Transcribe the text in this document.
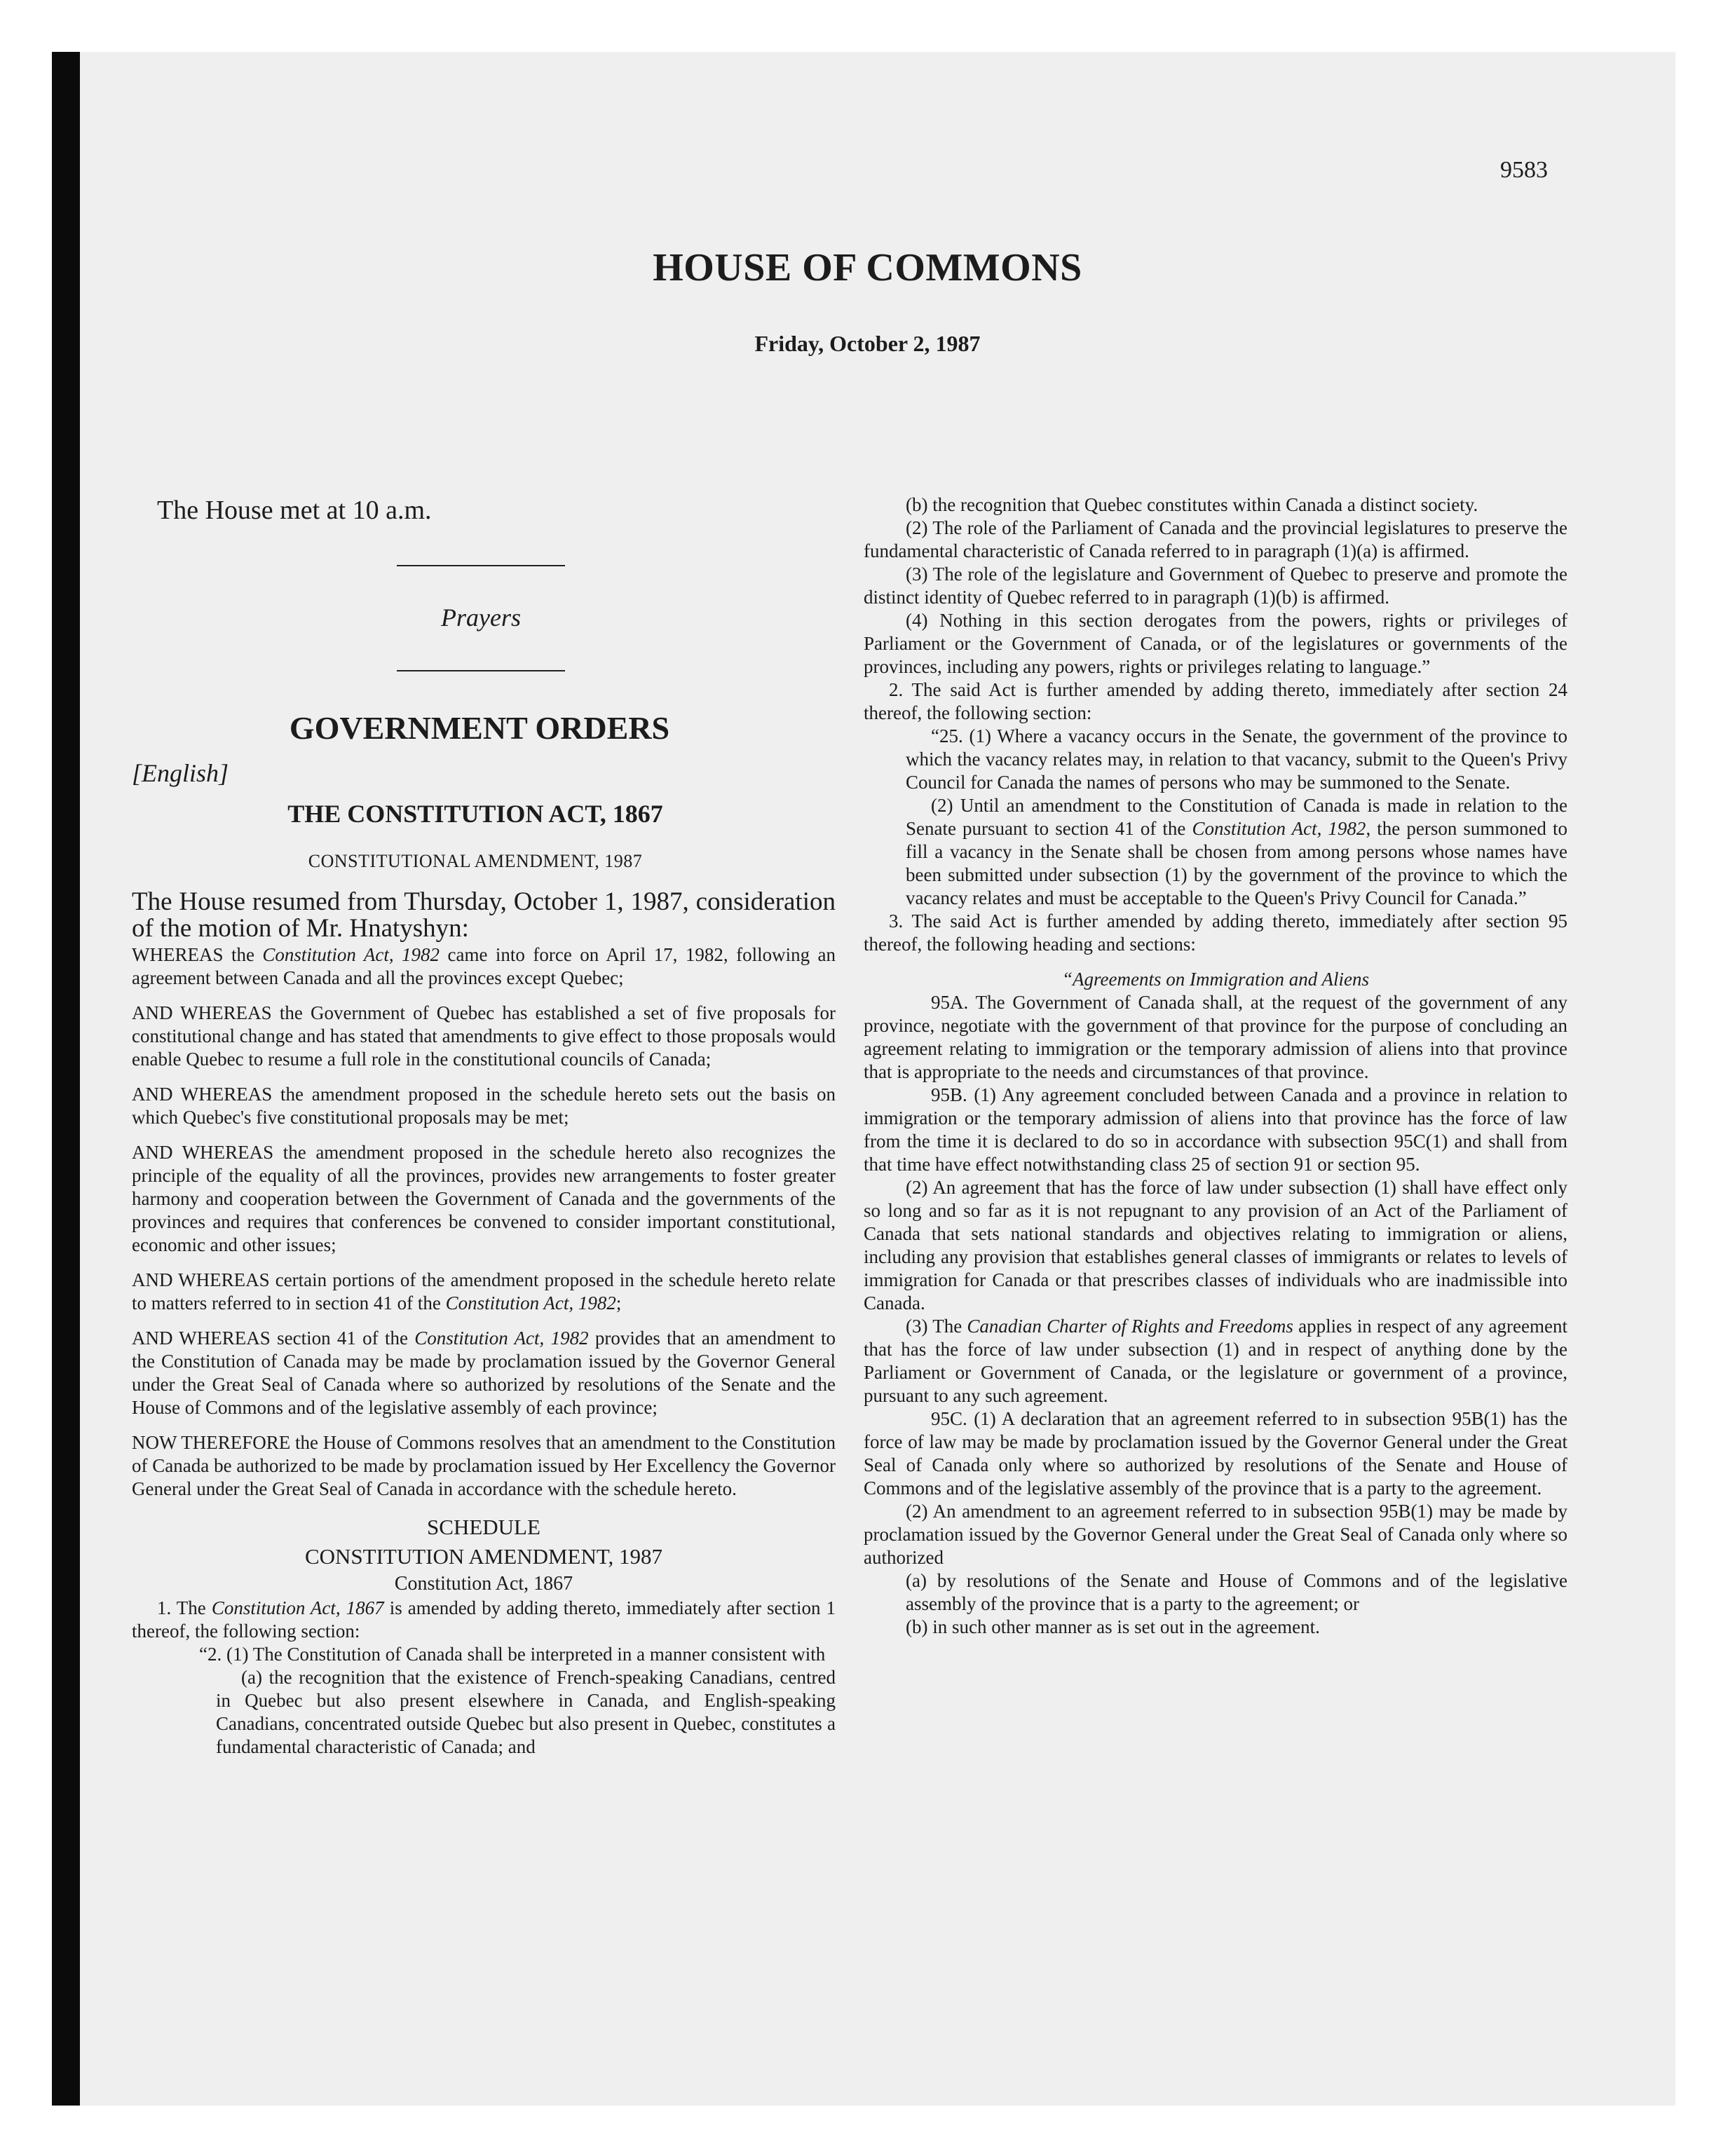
9583
HOUSE OF COMMONS
Friday, October 2, 1987
The House met at 10 a.m.
Prayers
GOVERNMENT ORDERS
[English]
THE CONSTITUTION ACT, 1867
CONSTITUTIONAL AMENDMENT, 1987
The House resumed from Thursday, October 1, 1987, consideration of the motion of Mr. Hnatyshyn:

WHEREAS the Constitution Act, 1982 came into force on April 17, 1982, following an agreement between Canada and all the provinces except Quebec;

AND WHEREAS the Government of Quebec has established a set of five proposals for constitutional change and has stated that amendments to give effect to those proposals would enable Quebec to resume a full role in the constitutional councils of Canada;

AND WHEREAS the amendment proposed in the schedule hereto sets out the basis on which Quebec's five constitutional proposals may be met;

AND WHEREAS the amendment proposed in the schedule hereto also recognizes the principle of the equality of all the provinces, provides new arrangements to foster greater harmony and cooperation between the Government of Canada and the governments of the provinces and requires that conferences be convened to consider important constitutional, economic and other issues;

AND WHEREAS certain portions of the amendment proposed in the schedule hereto relate to matters referred to in section 41 of the Constitution Act, 1982;

AND WHEREAS section 41 of the Constitution Act, 1982 provides that an amendment to the Constitution of Canada may be made by proclamation issued by the Governor General under the Great Seal of Canada where so authorized by resolutions of the Senate and the House of Commons and of the legislative assembly of each province;

NOW THEREFORE the House of Commons resolves that an amendment to the Constitution of Canada be authorized to be made by proclamation issued by Her Excellency the Governor General under the Great Seal of Canada in accordance with the schedule hereto.

SCHEDULE

CONSTITUTION AMENDMENT, 1987

Constitution Act, 1867

1. The Constitution Act, 1867 is amended by adding thereto, immediately after section 1 thereof, the following section:

“2. (1) The Constitution of Canada shall be interpreted in a manner consistent with

(a) the recognition that the existence of French-speaking Canadians, centred in Quebec but also present elsewhere in Canada, and English-speaking Canadians, concentrated outside Quebec but also present in Quebec, constitutes a fundamental characteristic of Canada; and

(b) the recognition that Quebec constitutes within Canada a distinct society.

(2) The role of the Parliament of Canada and the provincial legislatures to preserve the fundamental characteristic of Canada referred to in paragraph (1)(a) is affirmed.

(3) The role of the legislature and Government of Quebec to preserve and promote the distinct identity of Quebec referred to in paragraph (1)(b) is affirmed.

(4) Nothing in this section derogates from the powers, rights or privileges of Parliament or the Government of Canada, or of the legislatures or governments of the provinces, including any powers, rights or privileges relating to language.”

2. The said Act is further amended by adding thereto, immediately after section 24 thereof, the following section:

“25. (1) Where a vacancy occurs in the Senate, the government of the province to which the vacancy relates may, in relation to that vacancy, submit to the Queen's Privy Council for Canada the names of persons who may be summoned to the Senate.

(2) Until an amendment to the Constitution of Canada is made in relation to the Senate pursuant to section 41 of the Constitution Act, 1982, the person summoned to fill a vacancy in the Senate shall be chosen from among persons whose names have been submitted under subsection (1) by the government of the province to which the vacancy relates and must be acceptable to the Queen's Privy Council for Canada.”

3. The said Act is further amended by adding thereto, immediately after section 95 thereof, the following heading and sections:

“Agreements on Immigration and Aliens

95A. The Government of Canada shall, at the request of the government of any province, negotiate with the government of that province for the purpose of concluding an agreement relating to immigration or the temporary admission of aliens into that province that is appropriate to the needs and circumstances of that province.

95B. (1) Any agreement concluded between Canada and a province in relation to immigration or the temporary admission of aliens into that province has the force of law from the time it is declared to do so in accordance with subsection 95C(1) and shall from that time have effect notwithstanding class 25 of section 91 or section 95.

(2) An agreement that has the force of law under subsection (1) shall have effect only so long and so far as it is not repugnant to any provision of an Act of the Parliament of Canada that sets national standards and objectives relating to immigration or aliens, including any provision that establishes general classes of immigrants or relates to levels of immigration for Canada or that prescribes classes of individuals who are inadmissible into Canada.

(3) The Canadian Charter of Rights and Freedoms applies in respect of any agreement that has the force of law under subsection (1) and in respect of anything done by the Parliament or Government of Canada, or the legislature or government of a province, pursuant to any such agreement.

95C. (1) A declaration that an agreement referred to in subsection 95B(1) has the force of law may be made by proclamation issued by the Governor General under the Great Seal of Canada only where so authorized by resolutions of the Senate and House of Commons and of the legislative assembly of the province that is a party to the agreement.

(2) An amendment to an agreement referred to in subsection 95B(1) may be made by proclamation issued by the Governor General under the Great Seal of Canada only where so authorized

(a) by resolutions of the Senate and House of Commons and of the legislative assembly of the province that is a party to the agreement; or

(b) in such other manner as is set out in the agreement.
